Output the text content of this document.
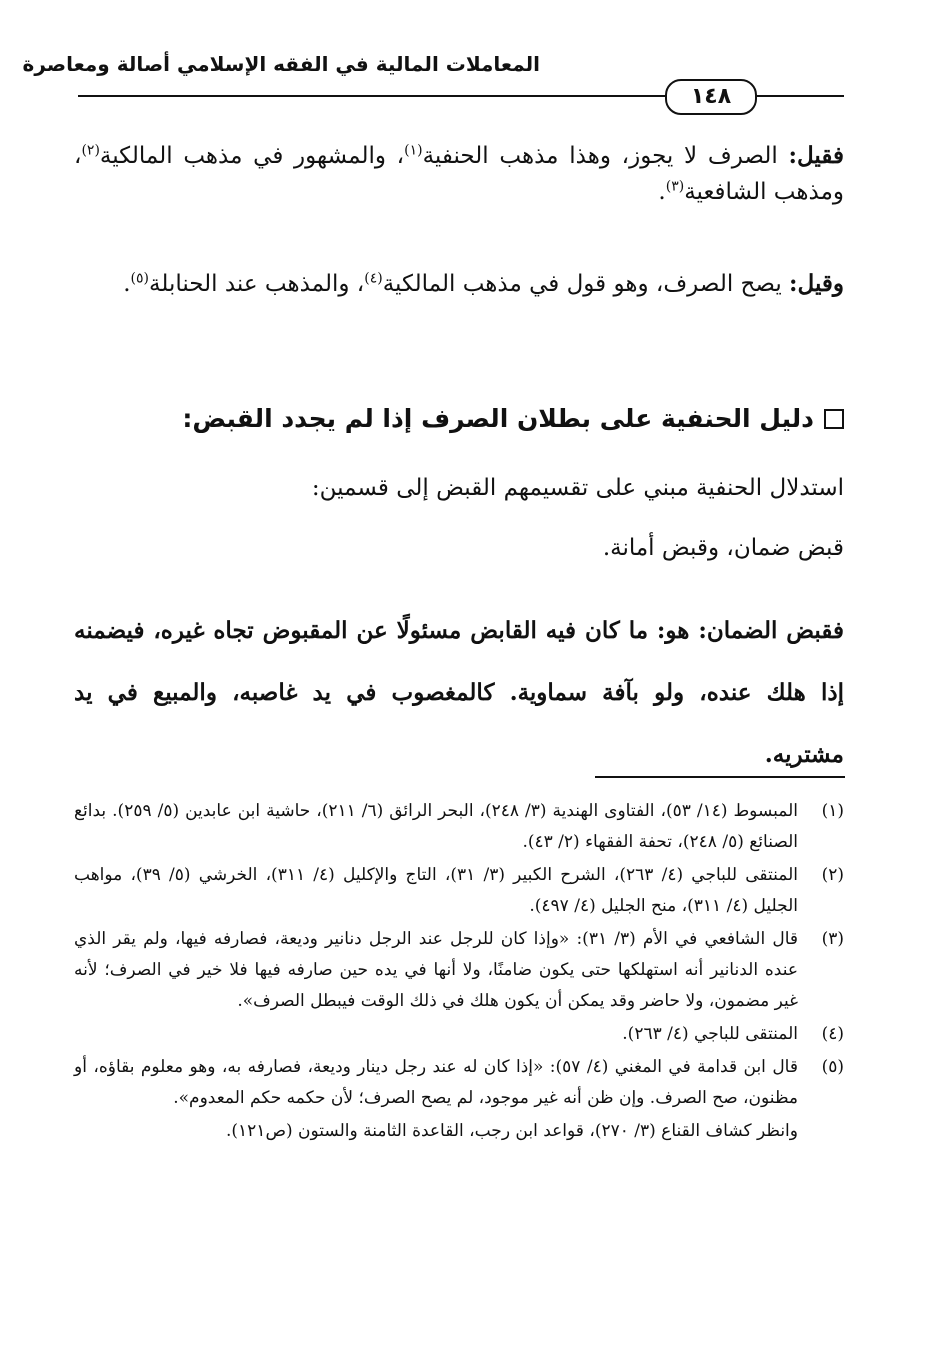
المعاملات المالية في الفقه الإسلامي أصالة ومعاصرة
١٤٨
فقيل: الصرف لا يجوز، وهذا مذهب الحنفية$^{(١)}$، والمشهور في مذهب المالكية$^{(٢)}$، ومذهب الشافعية$^{(٣)}$.
وقيل: يصح الصرف، وهو قول في مذهب المالكية$^{(٤)}$، والمذهب عند الحنابلة$^{(٥)}$.
دليل الحنفية على بطلان الصرف إذا لم يجدد القبض:
استدلال الحنفية مبني على تقسيمهم القبض إلى قسمين:
قبض ضمان، وقبض أمانة.
فقبض الضمان: هو: ما كان فيه القابض مسئولًا عن المقبوض تجاه غيره، فيضمنه إذا هلك عنده، ولو بآفة سماوية. كالمغصوب في يد غاصبه، والمبيع في يد مشتريه.
(١)
المبسوط (١٤/ ٥٣)، الفتاوى الهندية (٣/ ٢٤٨)، البحر الرائق (٦/ ٢١١)، حاشية ابن عابدين (٥/ ٢٥٩). بدائع الصنائع (٥/ ٢٤٨)، تحفة الفقهاء (٢/ ٤٣).
(٢)
المنتقى للباجي (٤/ ٢٦٣)، الشرح الكبير (٣/ ٣١)، التاج والإكليل (٤/ ٣١١)، الخرشي (٥/ ٣٩)، مواهب الجليل (٤/ ٣١١)، منح الجليل (٤/ ٤٩٧).
(٣)
قال الشافعي في الأم (٣/ ٣١): «وإذا كان للرجل عند الرجل دنانير وديعة، فصارفه فيها، ولم يقر الذي عنده الدنانير أنه استهلكها حتى يكون ضامنًا، ولا أنها في يده حين صارفه فيها فلا خير في الصرف؛ لأنه غير مضمون، ولا حاضر وقد يمكن أن يكون هلك في ذلك الوقت فيبطل الصرف».
(٤)
المنتقى للباجي (٤/ ٢٦٣).
(٥)
قال ابن قدامة في المغني (٤/ ٥٧): «إذا كان له عند رجل دينار وديعة، فصارفه به، وهو معلوم بقاؤه، أو مظنون، صح الصرف. وإن ظن أنه غير موجود، لم يصح الصرف؛ لأن حكمه حكم المعدوم».
وانظر كشاف القناع (٣/ ٢٧٠)، قواعد ابن رجب، القاعدة الثامنة والستون (ص١٢١).
